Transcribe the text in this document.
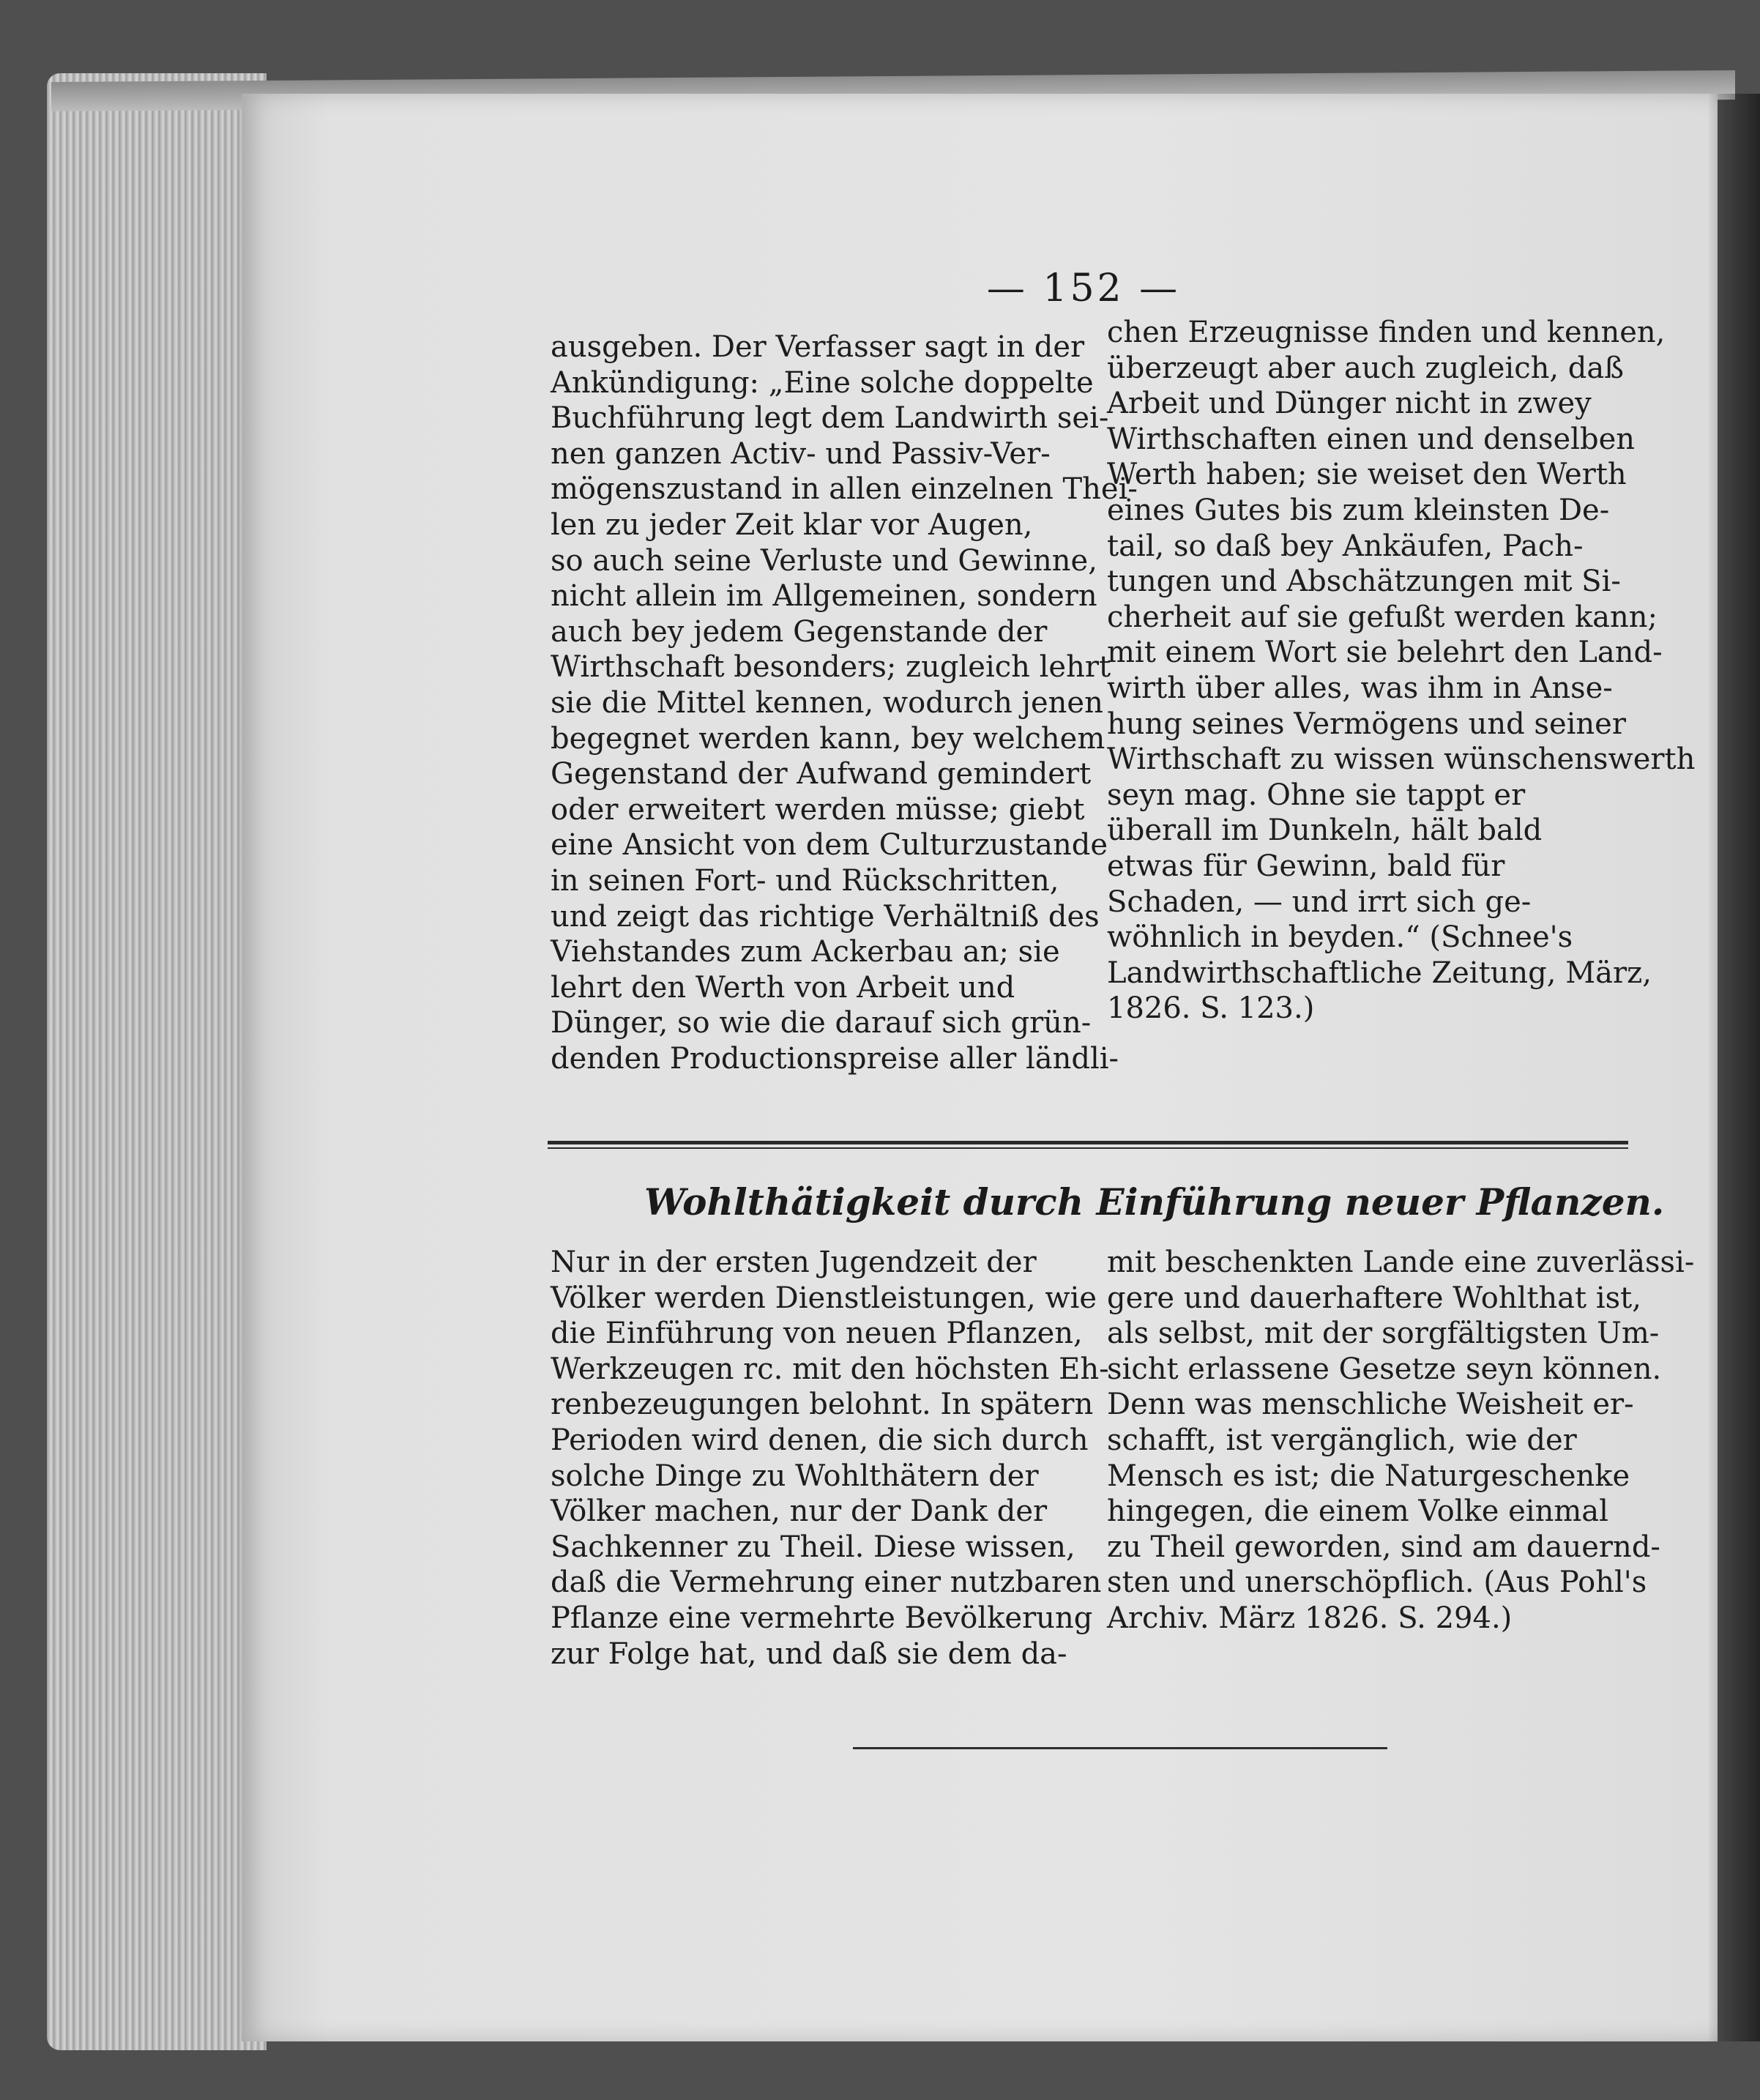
— 152 —
ausgeben. Der Verfasser sagt in der
Ankündigung: „Eine solche doppelte
Buchführung legt dem Landwirth sei-
nen ganzen Activ- und Passiv-Ver-
mögenszustand in allen einzelnen Thei-
len zu jeder Zeit klar vor Augen,
so auch seine Verluste und Gewinne,
nicht allein im Allgemeinen, sondern
auch bey jedem Gegenstande der
Wirthschaft besonders; zugleich lehrt
sie die Mittel kennen, wodurch jenen
begegnet werden kann, bey welchem
Gegenstand der Aufwand gemindert
oder erweitert werden müsse; giebt
eine Ansicht von dem Culturzustande
in seinen Fort- und Rückschritten,
und zeigt das richtige Verhältniß des
Viehstandes zum Ackerbau an; sie
lehrt den Werth von Arbeit und
Dünger, so wie die darauf sich grün-
denden Productionspreise aller ländli-
chen Erzeugnisse finden und kennen,
überzeugt aber auch zugleich, daß
Arbeit und Dünger nicht in zwey
Wirthschaften einen und denselben
Werth haben; sie weiset den Werth
eines Gutes bis zum kleinsten De-
tail, so daß bey Ankäufen, Pach-
tungen und Abschätzungen mit Si-
cherheit auf sie gefußt werden kann;
mit einem Wort sie belehrt den Land-
wirth über alles, was ihm in Anse-
hung seines Vermögens und seiner
Wirthschaft zu wissen wünschenswerth
seyn mag. Ohne sie tappt er
überall im Dunkeln, hält bald
etwas für Gewinn, bald für
Schaden, — und irrt sich ge-
wöhnlich in beyden.“ (Schnee's
Landwirthschaftliche Zeitung, März,
1826. S. 123.)
Wohlthätigkeit durch Einführung neuer Pflanzen.
Nur in der ersten Jugendzeit der
Völker werden Dienstleistungen, wie
die Einführung von neuen Pflanzen,
Werkzeugen rc. mit den höchsten Eh-
renbezeugungen belohnt. In spätern
Perioden wird denen, die sich durch
solche Dinge zu Wohlthätern der
Völker machen, nur der Dank der
Sachkenner zu Theil. Diese wissen,
daß die Vermehrung einer nutzbaren
Pflanze eine vermehrte Bevölkerung
zur Folge hat, und daß sie dem da-
mit beschenkten Lande eine zuverlässi-
gere und dauerhaftere Wohlthat ist,
als selbst, mit der sorgfältigsten Um-
sicht erlassene Gesetze seyn können.
Denn was menschliche Weisheit er-
schafft, ist vergänglich, wie der
Mensch es ist; die Naturgeschenke
hingegen, die einem Volke einmal
zu Theil geworden, sind am dauernd-
sten und unerschöpflich. (Aus Pohl's
Archiv. März 1826. S. 294.)
